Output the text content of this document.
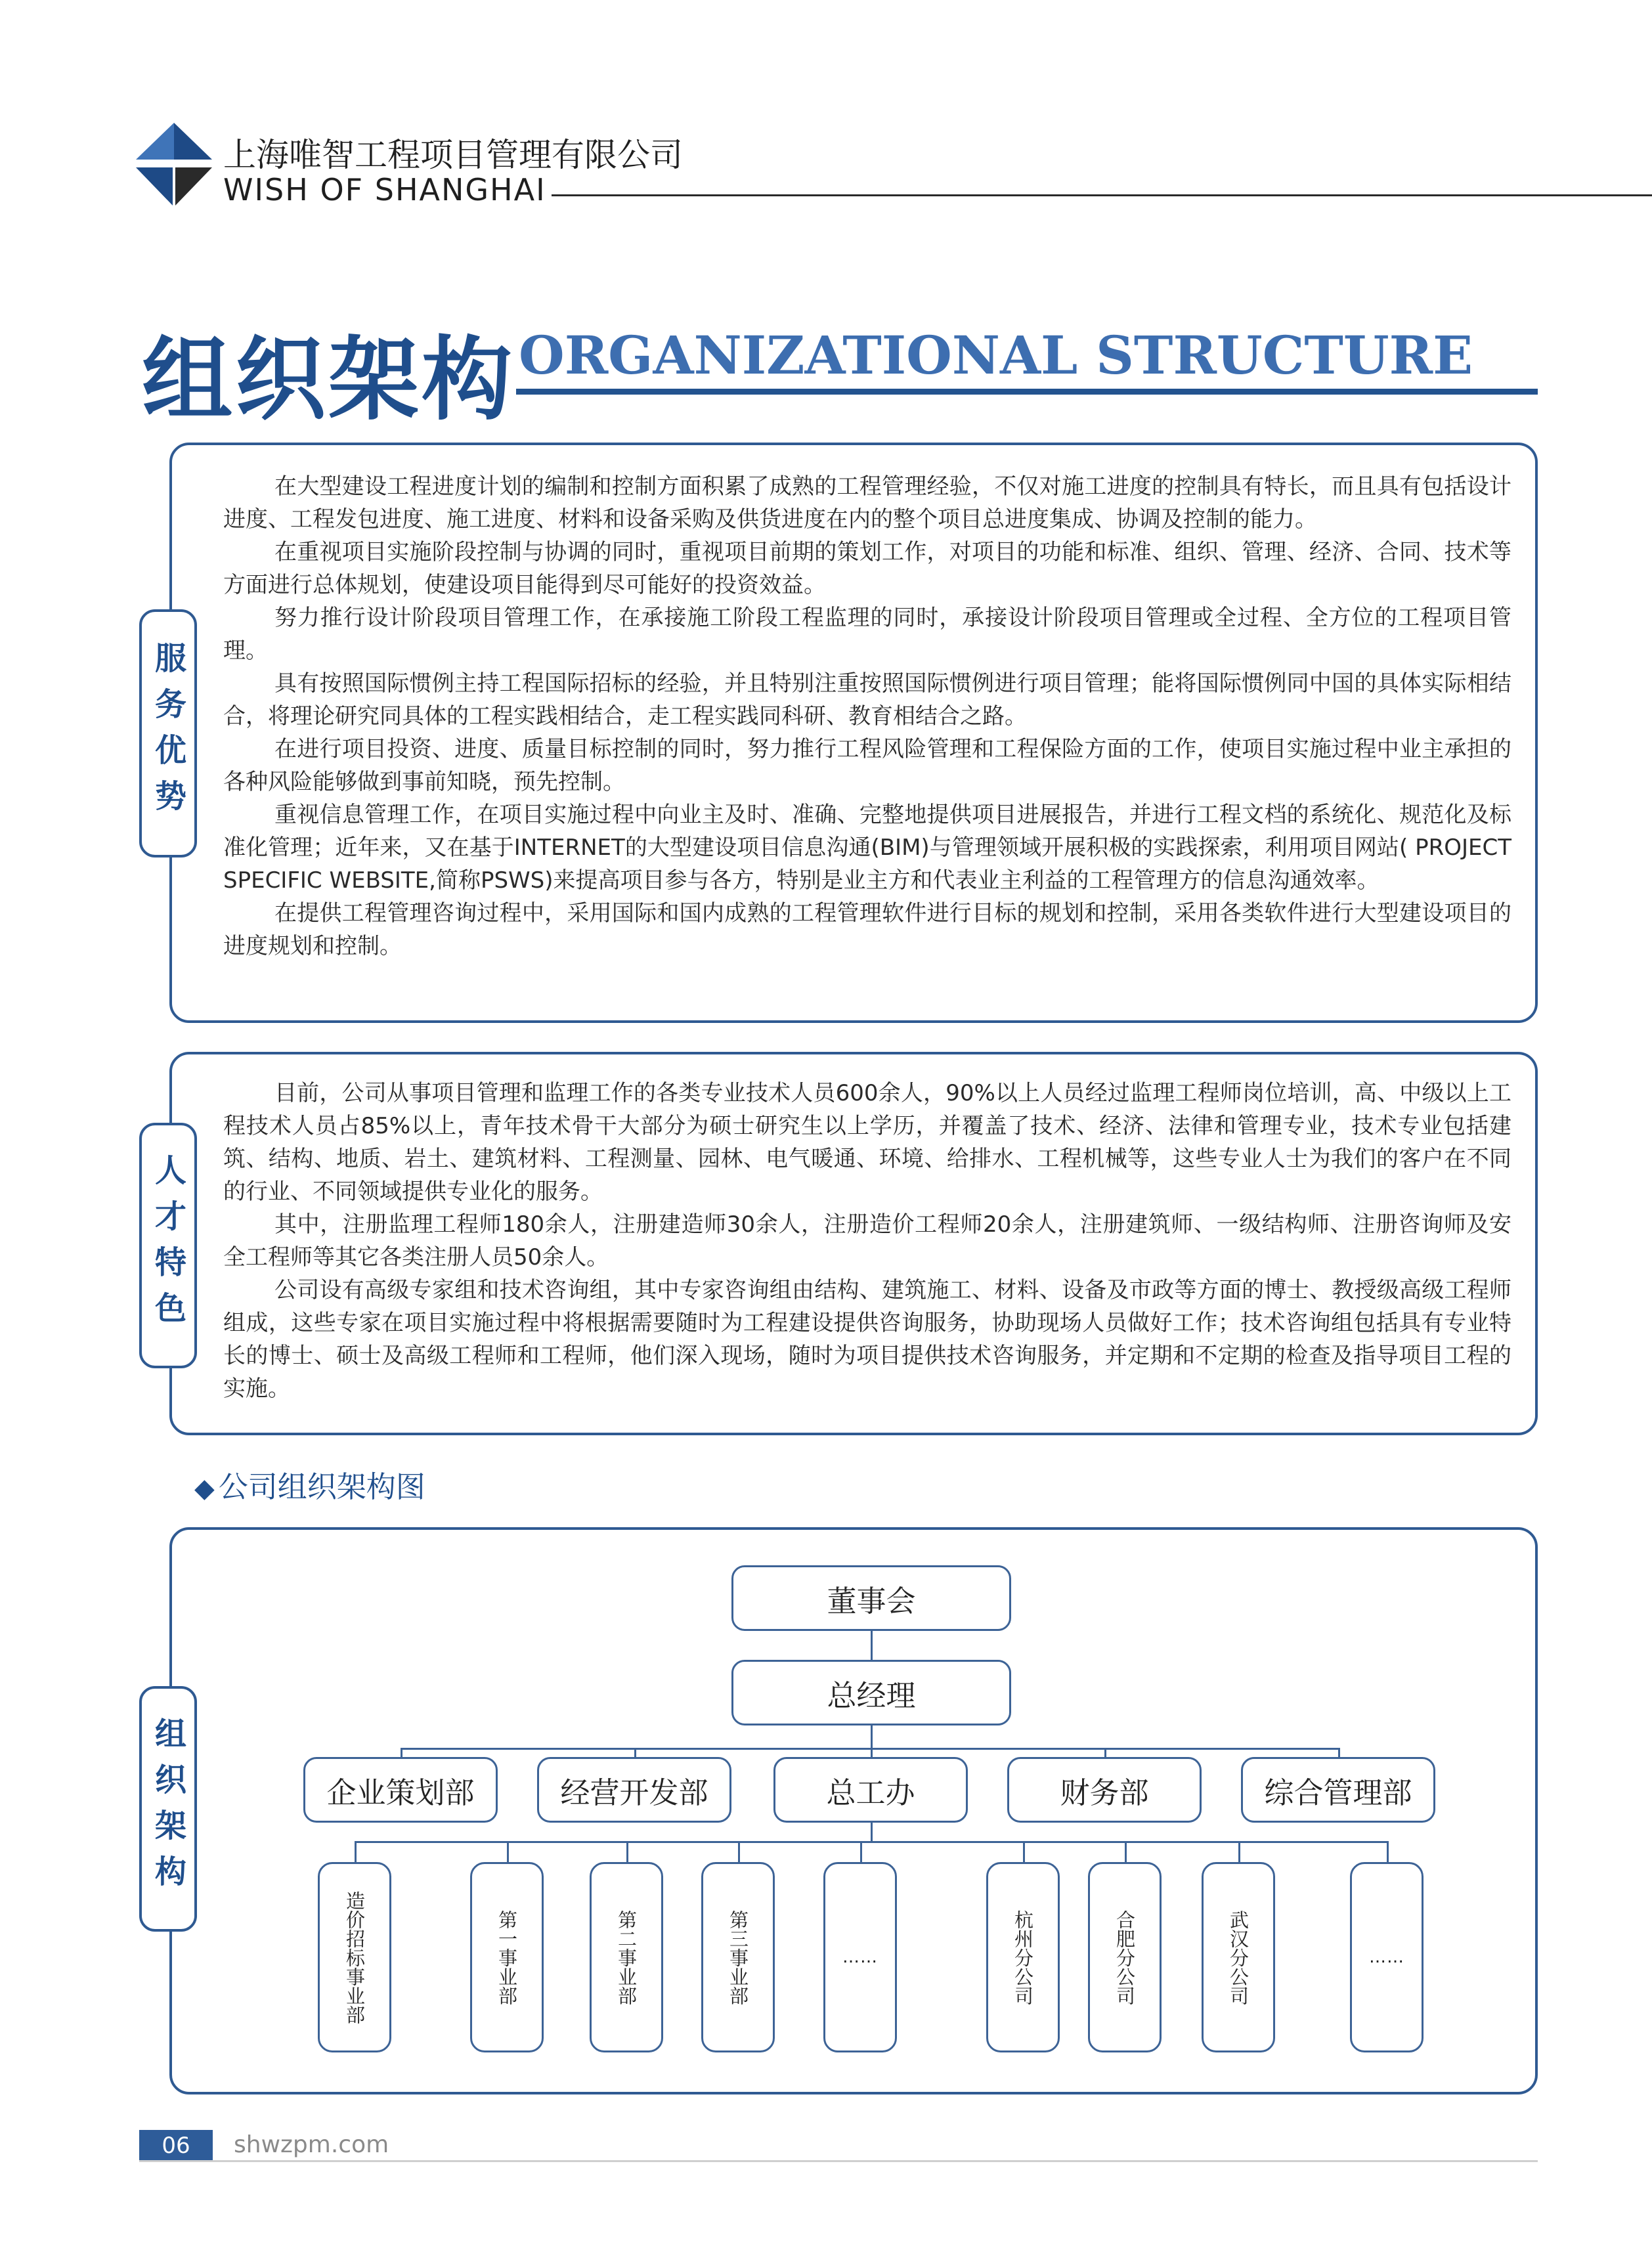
上海唯智工程项目管理有限公司
WISH OF SHANGHAI
组织架构 ORGANIZATIONAL STRUCTURE
服务优势

在大型建设工程进度计划的编制和控制方面积累了成熟的工程管理经验，不仅对施工进度的控制具有特长，而且具有包括设计进度、工程发包进度、施工进度、材料和设备采购及供货进度在内的整个项目总进度集成、协调及控制的能力。

在重视项目实施阶段控制与协调的同时，重视项目前期的策划工作，对项目的功能和标准、组织、管理、经济、合同、技术等方面进行总体规划，使建设项目能得到尽可能好的投资效益。

努力推行设计阶段项目管理工作，在承接施工阶段工程监理的同时，承接设计阶段项目管理或全过程、全方位的工程项目管理。

具有按照国际惯例主持工程国际招标的经验，并且特别注重按照国际惯例进行项目管理；能将国际惯例同中国的具体实际相结合，将理论研究同具体的工程实践相结合，走工程实践同科研、教育相结合之路。

在进行项目投资、进度、质量目标控制的同时，努力推行工程风险管理和工程保险方面的工作，使项目实施过程中业主承担的各种风险能够做到事前知晓，预先控制。

重视信息管理工作，在项目实施过程中向业主及时、准确、完整地提供项目进展报告，并进行工程文档的系统化、规范化及标准化管理；近年来，又在基于INTERNET的大型建设项目信息沟通(BIM)与管理领域开展积极的实践探索，利用项目网站( PROJECT SPECIFIC WEBSITE,简称PSWS)来提高项目参与各方，特别是业主方和代表业主利益的工程管理方的信息沟通效率。

在提供工程管理咨询过程中，采用国际和国内成熟的工程管理软件进行目标的规划和控制，采用各类软件进行大型建设项目的进度规划和控制。

人才特色

目前，公司从事项目管理和监理工作的各类专业技术人员600余人，90%以上人员经过监理工程师岗位培训，高、中级以上工程技术人员占85%以上，青年技术骨干大部分为硕士研究生以上学历，并覆盖了技术、经济、法律和管理专业，技术专业包括建筑、结构、地质、岩土、建筑材料、工程测量、园林、电气暖通、环境、给排水、工程机械等，这些专业人士为我们的客户在不同的行业、不同领域提供专业化的服务。

其中，注册监理工程师180余人，注册建造师30余人，注册造价工程师20余人，注册建筑师、一级结构师、注册咨询师及安全工程师等其它各类注册人员50余人。

公司设有高级专家组和技术咨询组，其中专家咨询组由结构、建筑施工、材料、设备及市政等方面的博士、教授级高级工程师组成，这些专家在项目实施过程中将根据需要随时为工程建设提供咨询服务，协助现场人员做好工作；技术咨询组包括具有专业特长的博士、硕士及高级工程师和工程师，他们深入现场，随时为项目提供技术咨询服务，并定期和不定期的检查及指导项目工程的实施。

◆ 公司组织架构图
组织架构
董事会
总经理
企业策划部	经营开发部	总工办	财务部	综合管理部
造价招标事业部	第一事业部	第二事业部	第三事业部	……	杭州分公司	合肥分公司	武汉分公司	……
06	shwzpm.com
